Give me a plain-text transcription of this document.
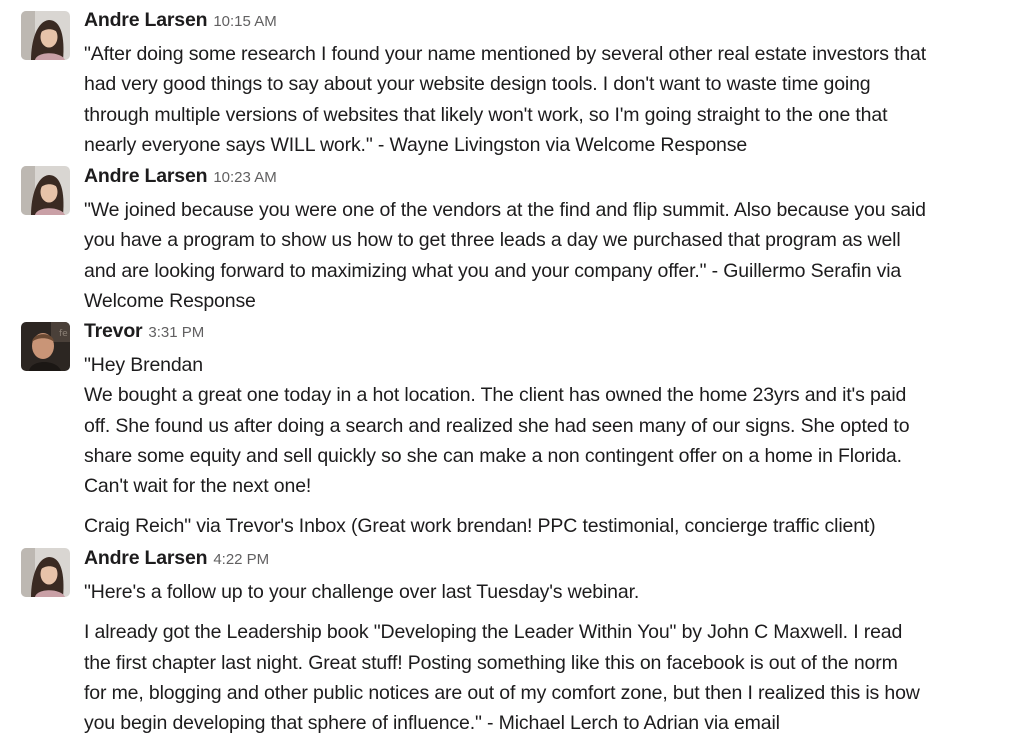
Andre Larsen 10:15 AM
"After doing some research I found your name mentioned by several other real estate investors that
had very good things to say about your website design tools. I don't want to waste time going
through multiple versions of websites that likely won't work, so I'm going straight to the one that
nearly everyone says WILL work." - Wayne Livingston via Welcome Response
Andre Larsen 10:23 AM
"We joined because you were one of the vendors at the find and flip summit. Also because you said
you have a program to show us how to get three leads a day we purchased that program as well
and are looking forward to maximizing what you and your company offer." - Guillermo Serafin via
Welcome Response
fe Trevor 3:31 PM
"Hey Brendan
We bought a great one today in a hot location. The client has owned the home 23yrs and it's paid
off. She found us after doing a search and realized she had seen many of our signs. She opted to
share some equity and sell quickly so she can make a non contingent offer on a home in Florida.
Can't wait for the next one!
Craig Reich" via Trevor's Inbox (Great work brendan! PPC testimonial, concierge traffic client)
Andre Larsen 4:22 PM
"Here's a follow up to your challenge over last Tuesday's webinar.
I already got the Leadership book "Developing the Leader Within You" by John C Maxwell. I read
the first chapter last night. Great stuff! Posting something like this on facebook is out of the norm
for me, blogging and other public notices are out of my comfort zone, but then I realized this is how
you begin developing that sphere of influence." - Michael Lerch to Adrian via email
